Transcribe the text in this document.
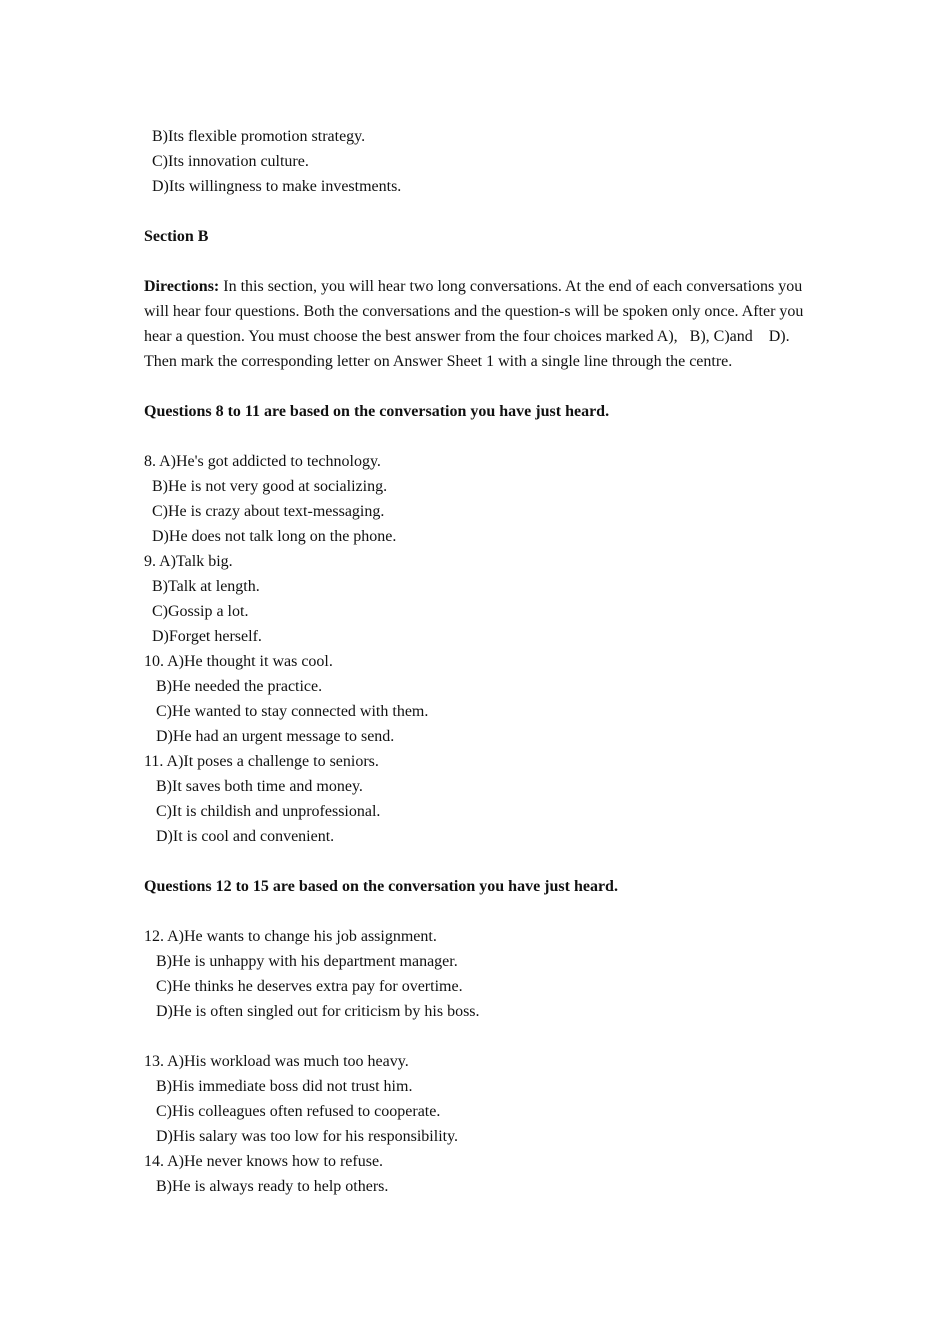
B)Its flexible promotion strategy.

C)Its innovation culture.

D)Its willingness to make investments.

Section B

Directions: In this section, you will hear two long conversations. At the end of each conversations you will hear four questions. Both the conversations and the question-s will be spoken only once. After you hear a question. You must choose the best answer from the four choices marked A),   B), C)and    D). Then mark the corresponding letter on Answer Sheet 1 with a single line through the centre.

Questions 8 to 11 are based on the conversation you have just heard.

8. A)He's got addicted to technology.

B)He is not very good at socializing.

C)He is crazy about text-messaging.

D)He does not talk long on the phone.

9. A)Talk big.

B)Talk at length.

C)Gossip a lot.

D)Forget herself.

10. A)He thought it was cool.

B)He needed the practice.

C)He wanted to stay connected with them.

D)He had an urgent message to send.

11. A)It poses a challenge to seniors.

B)It saves both time and money.

C)It is childish and unprofessional.

D)It is cool and convenient.

Questions 12 to 15 are based on the conversation you have just heard.

12. A)He wants to change his job assignment.

B)He is unhappy with his department manager.

C)He thinks he deserves extra pay for overtime.

D)He is often singled out for criticism by his boss.

13. A)His workload was much too heavy.

B)His immediate boss did not trust him.

C)His colleagues often refused to cooperate.

D)His salary was too low for his responsibility.

14. A)He never knows how to refuse.

B)He is always ready to help others.
